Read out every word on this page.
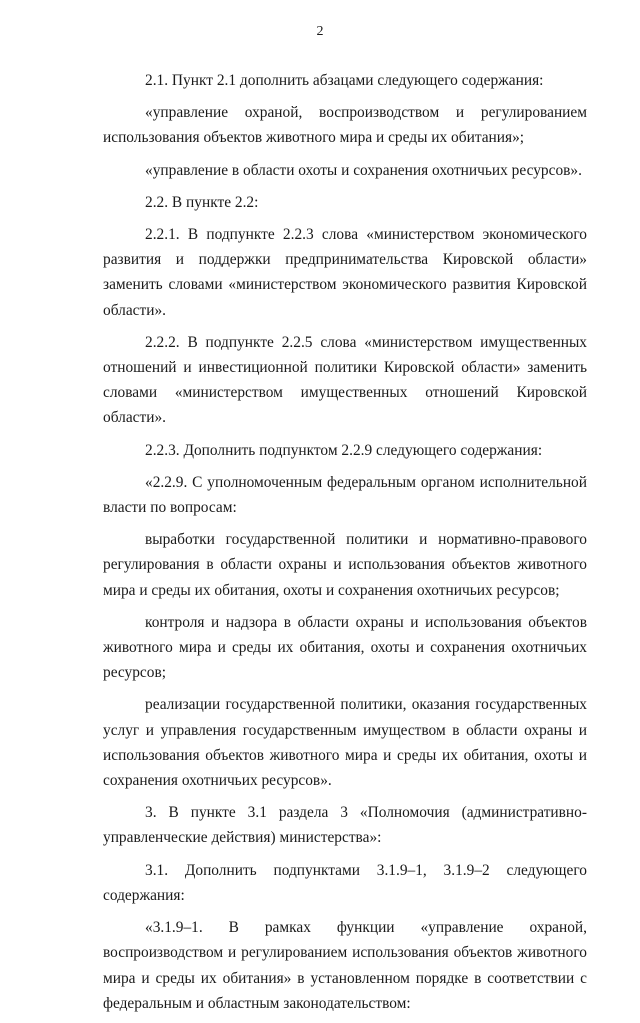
2

2.1. Пункт 2.1 дополнить абзацами следующего содержания:

«управление охраной, воспроизводством и регулированием использования объектов животного мира и среды их обитания»;

«управление в области охоты и сохранения охотничьих ресурсов».

2.2. В пункте 2.2:

2.2.1. В подпункте 2.2.3 слова «министерством экономического развития и поддержки предпринимательства Кировской области» заменить словами «министерством экономического развития Кировской области».

2.2.2. В подпункте 2.2.5 слова «министерством имущественных отношений и инвестиционной политики Кировской области» заменить словами «министерством имущественных отношений Кировской области».

2.2.3. Дополнить подпунктом 2.2.9 следующего содержания:

«2.2.9. С уполномоченным федеральным органом исполнительной власти по вопросам:

выработки государственной политики и нормативно-правового регулирования в области охраны и использования объектов животного мира и среды их обитания, охоты и сохранения охотничьих ресурсов;

контроля и надзора в области охраны и использования объектов животного мира и среды их обитания, охоты и сохранения охотничьих ресурсов;

реализации государственной политики, оказания государственных услуг и управления государственным имуществом в области охраны и использования объектов животного мира и среды их обитания, охоты и сохранения охотничьих ресурсов».

3. В пункте 3.1 раздела 3 «Полномочия (административно-управленческие действия) министерства»:

3.1. Дополнить подпунктами 3.1.9–1, 3.1.9–2 следующего содержания:

«3.1.9–1. В рамках функции «управление охраной, воспроизводством и регулированием использования объектов животного мира и среды их обитания» в установленном порядке в соответствии с федеральным и областным законодательством:
